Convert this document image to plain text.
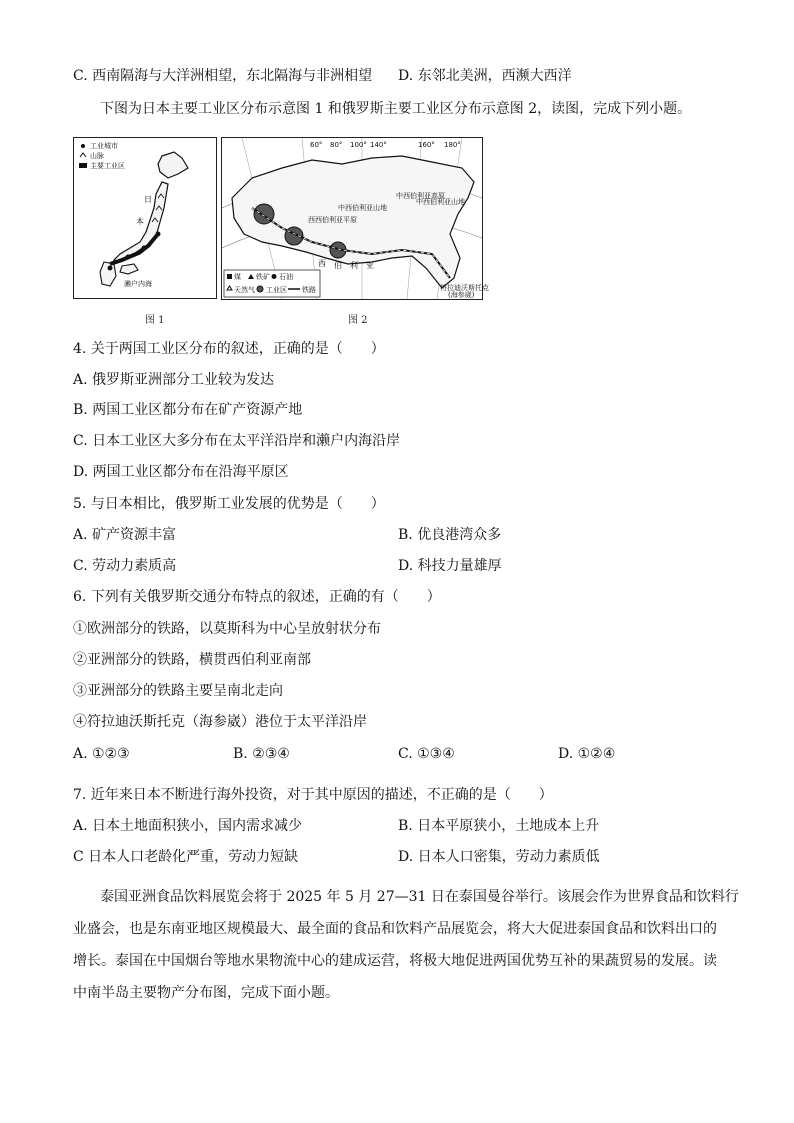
C. 西南隔海与大洋洲相望，东北隔海与非洲相望 D. 东邻北美洲，西濒大西洋
下图为日本主要工业区分布示意图 1 和俄罗斯主要工业区分布示意图 2，读图，完成下列小题。
工业城市
山脉
主要工业区
日
本
濑户内海
图 1
60° 80° 100° 140°	160° 180°
中西伯利亚高原
中西伯利亚山地
西西伯利亚平原
西 伯 利 亚
中西伯利亚山地
符拉迪沃斯托克
(海参崴)
煤 铁矿 石油
天然气 工业区 铁路
图 2
4. 关于两国工业区分布的叙述，正确的是（　　）
A. 俄罗斯亚洲部分工业较为发达
B. 两国工业区都分布在矿产资源产地
C. 日本工业区大多分布在太平洋沿岸和濑户内海沿岸
D. 两国工业区都分布在沿海平原区
5. 与日本相比，俄罗斯工业发展的优势是（　　）
A. 矿产资源丰富	B. 优良港湾众多
C. 劳动力素质高	D. 科技力量雄厚
6. 下列有关俄罗斯交通分布特点的叙述，正确的有（　　）
①欧洲部分的铁路，以莫斯科为中心呈放射状分布
②亚洲部分的铁路，横贯西伯利亚南部
③亚洲部分的铁路主要呈南北走向
④符拉迪沃斯托克（海参崴）港位于太平洋沿岸
A. ①②③	B. ②③④	C. ①③④	D. ①②④
7. 近年来日本不断进行海外投资，对于其中原因的描述，不正确的是（　　）
A. 日本土地面积狭小，国内需求减少	B. 日本平原狭小，土地成本上升
C 日本人口老龄化严重，劳动力短缺	D. 日本人口密集，劳动力素质低
泰国亚洲食品饮料展览会将于 2025 年 5 月 27—31 日在泰国曼谷举行。该展会作为世界食品和饮料行
业盛会，也是东南亚地区规模最大、最全面的食品和饮料产品展览会，将大大促进泰国食品和饮料出口的
增长。泰国在中国烟台等地水果物流中心的建成运营，将极大地促进两国优势互补的果蔬贸易的发展。读
中南半岛主要物产分布图，完成下面小题。
